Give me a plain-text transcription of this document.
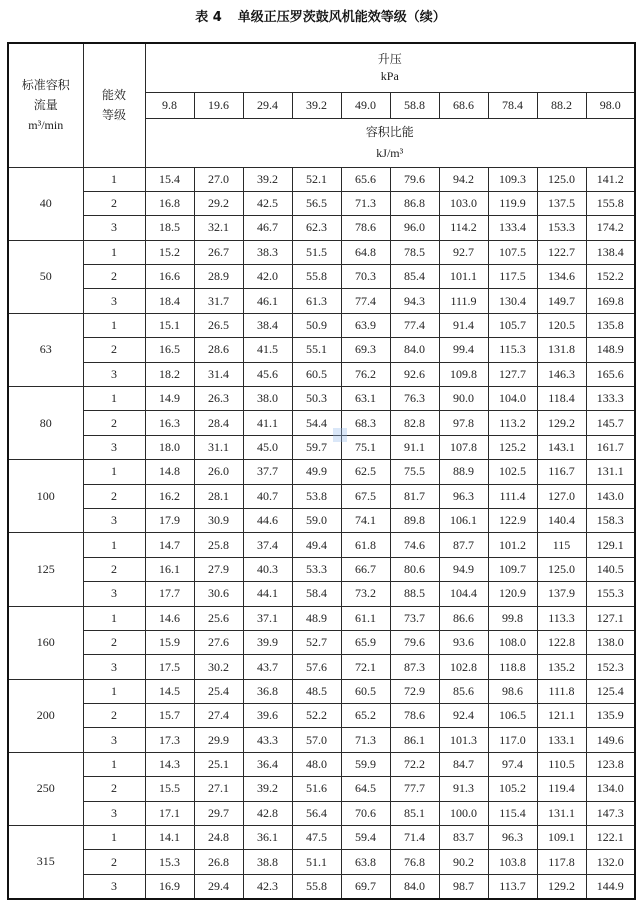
表 4 单级正压罗茨鼓风机能效等级（续）
标准容积
流量
m³/min	能效
等级	升压
kPa									

		9.8	19.6	29.4	39.2	49.0	58.8	68.6	78.4	88.2	98.0

		容积比能
kJ/m³									

40	1	15.4	27.0	39.2	52.1	65.6	79.6	94.2	109.3	125.0	141.2
	2	16.8	29.2	42.5	56.5	71.3	86.8	103.0	119.9	137.5	155.8
	3	18.5	32.1	46.7	62.3	78.6	96.0	114.2	133.4	153.3	174.2
50	1	15.2	26.7	38.3	51.5	64.8	78.5	92.7	107.5	122.7	138.4
	2	16.6	28.9	42.0	55.8	70.3	85.4	101.1	117.5	134.6	152.2
	3	18.4	31.7	46.1	61.3	77.4	94.3	111.9	130.4	149.7	169.8
63	1	15.1	26.5	38.4	50.9	63.9	77.4	91.4	105.7	120.5	135.8
	2	16.5	28.6	41.5	55.1	69.3	84.0	99.4	115.3	131.8	148.9
	3	18.2	31.4	45.6	60.5	76.2	92.6	109.8	127.7	146.3	165.6
80	1	14.9	26.3	38.0	50.3	63.1	76.3	90.0	104.0	118.4	133.3
	2	16.3	28.4	41.1	54.4	68.3	82.8	97.8	113.2	129.2	145.7
	3	18.0	31.1	45.0	59.7	75.1	91.1	107.8	125.2	143.1	161.7
100	1	14.8	26.0	37.7	49.9	62.5	75.5	88.9	102.5	116.7	131.1
	2	16.2	28.1	40.7	53.8	67.5	81.7	96.3	111.4	127.0	143.0
	3	17.9	30.9	44.6	59.0	74.1	89.8	106.1	122.9	140.4	158.3
125	1	14.7	25.8	37.4	49.4	61.8	74.6	87.7	101.2	115	129.1
	2	16.1	27.9	40.3	53.3	66.7	80.6	94.9	109.7	125.0	140.5
	3	17.7	30.6	44.1	58.4	73.2	88.5	104.4	120.9	137.9	155.3
160	1	14.6	25.6	37.1	48.9	61.1	73.7	86.6	99.8	113.3	127.1
	2	15.9	27.6	39.9	52.7	65.9	79.6	93.6	108.0	122.8	138.0
	3	17.5	30.2	43.7	57.6	72.1	87.3	102.8	118.8	135.2	152.3
200	1	14.5	25.4	36.8	48.5	60.5	72.9	85.6	98.6	111.8	125.4
	2	15.7	27.4	39.6	52.2	65.2	78.6	92.4	106.5	121.1	135.9
	3	17.3	29.9	43.3	57.0	71.3	86.1	101.3	117.0	133.1	149.6
250	1	14.3	25.1	36.4	48.0	59.9	72.2	84.7	97.4	110.5	123.8
	2	15.5	27.1	39.2	51.6	64.5	77.7	91.3	105.2	119.4	134.0
	3	17.1	29.7	42.8	56.4	70.6	85.1	100.0	115.4	131.1	147.3
315	1	14.1	24.8	36.1	47.5	59.4	71.4	83.7	96.3	109.1	122.1
	2	15.3	26.8	38.8	51.1	63.8	76.8	90.2	103.8	117.8	132.0
	3	16.9	29.4	42.3	55.8	69.7	84.0	98.7	113.7	129.2	144.9
